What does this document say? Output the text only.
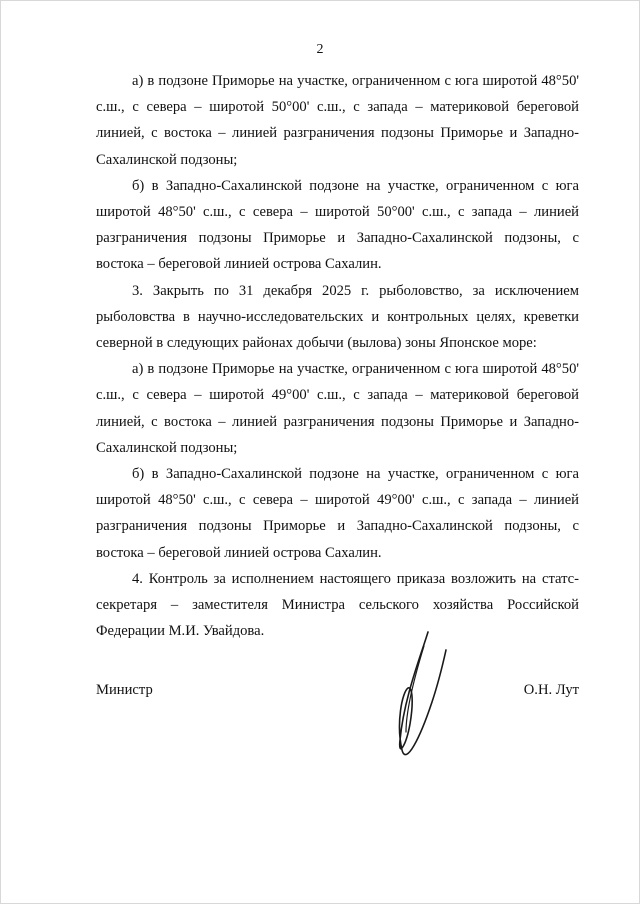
2

а) в подзоне Приморье на участке, ограниченном с юга широтой 48°50' с.ш., с севера – широтой 50°00' с.ш., с запада – материковой береговой линией, с востока – линией разграничения подзоны Приморье и Западно-Сахалинской подзоны;

б) в Западно-Сахалинской подзоне на участке, ограниченном с юга широтой 48°50' с.ш., с севера – широтой 50°00' с.ш., с запада – линией разграничения подзоны Приморье и Западно-Сахалинской подзоны, с востока – береговой линией острова Сахалин.

3. Закрыть по 31 декабря 2025 г. рыболовство, за исключением рыболовства в научно-исследовательских и контрольных целях, креветки северной в следующих районах добычи (вылова) зоны Японское море:

а) в подзоне Приморье на участке, ограниченном с юга широтой 48°50' с.ш., с севера – широтой 49°00' с.ш., с запада – материковой береговой линией, с востока – линией разграничения подзоны Приморье и Западно-Сахалинской подзоны;

б) в Западно-Сахалинской подзоне на участке, ограниченном с юга широтой 48°50' с.ш., с севера – широтой 49°00' с.ш., с запада – линией разграничения подзоны Приморье и Западно-Сахалинской подзоны, с востока – береговой линией острова Сахалин.

4. Контроль за исполнением настоящего приказа возложить на статс-секретаря – заместителя Министра сельского хозяйства Российской Федерации М.И. Увайдова.

Министр	О.Н. Лут
